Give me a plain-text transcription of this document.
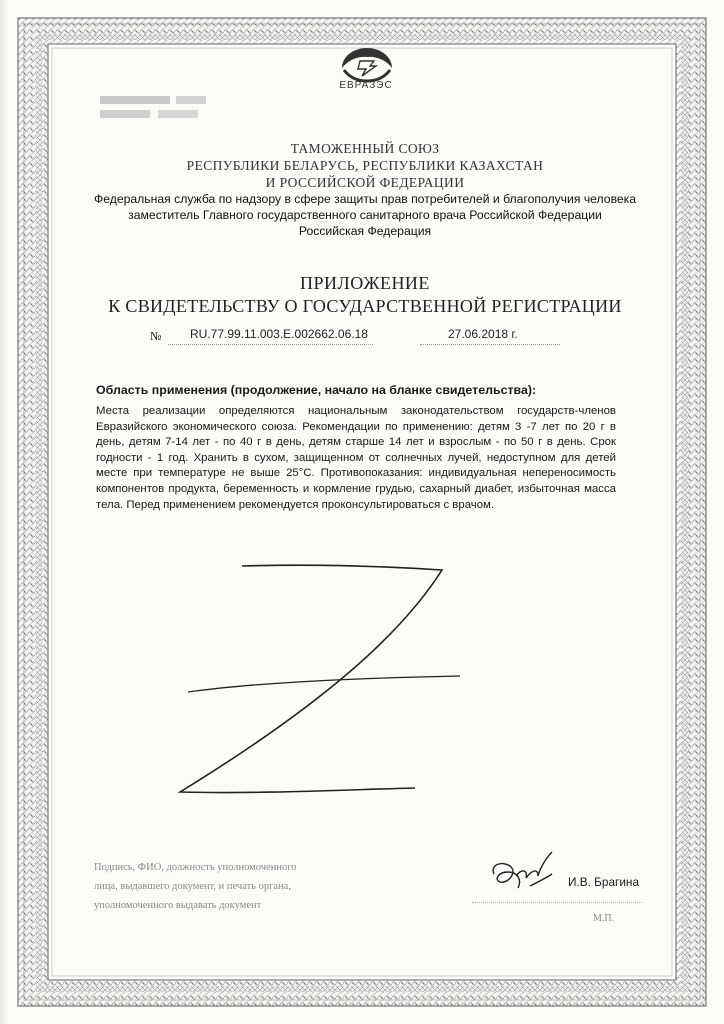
ЕВРАЗЭС
ТАМОЖЕННЫЙ СОЮЗ
РЕСПУБЛИКИ БЕЛАРУСЬ, РЕСПУБЛИКИ КАЗАХСТАН
И РОССИЙСКОЙ ФЕДЕРАЦИИ
Федеральная служба по надзору в сфере защиты прав потребителей и благополучия человека
заместитель Главного государственного санитарного врача Российской Федерации
Российская Федерация
ПРИЛОЖЕНИЕ
К СВИДЕТЕЛЬСТВУ О ГОСУДАРСТВЕННОЙ РЕГИСТРАЦИИ
№ RU.77.99.11.003.Е.002662.06.18	27.06.2018 г.
Область применения (продолжение, начало на бланке свидетельства):
Места реализации определяются национальным законодательством государств-членов Евразийского экономического союза. Рекомендации по применению: детям 3 -7 лет по 20 г в день, детям 7-14 лет - по 40 г в день, детям старше 14 лет и взрослым - по 50 г в день. Срок годности - 1 год. Хранить в сухом, защищенном от солнечных лучей, недоступном для детей месте при температуре не выше 25°С. Противопоказания: индивидуальная непереносимость компонентов продукта, беременность и кормление грудью, сахарный диабет, избыточная масса тела. Перед применением рекомендуется проконсультироваться с врачом.
Подпись, ФИО, должность уполномоченного
лица, выдавшего документ, и печать органа,
уполномоченного выдавать документ
И.В. Брагина
М.П.
